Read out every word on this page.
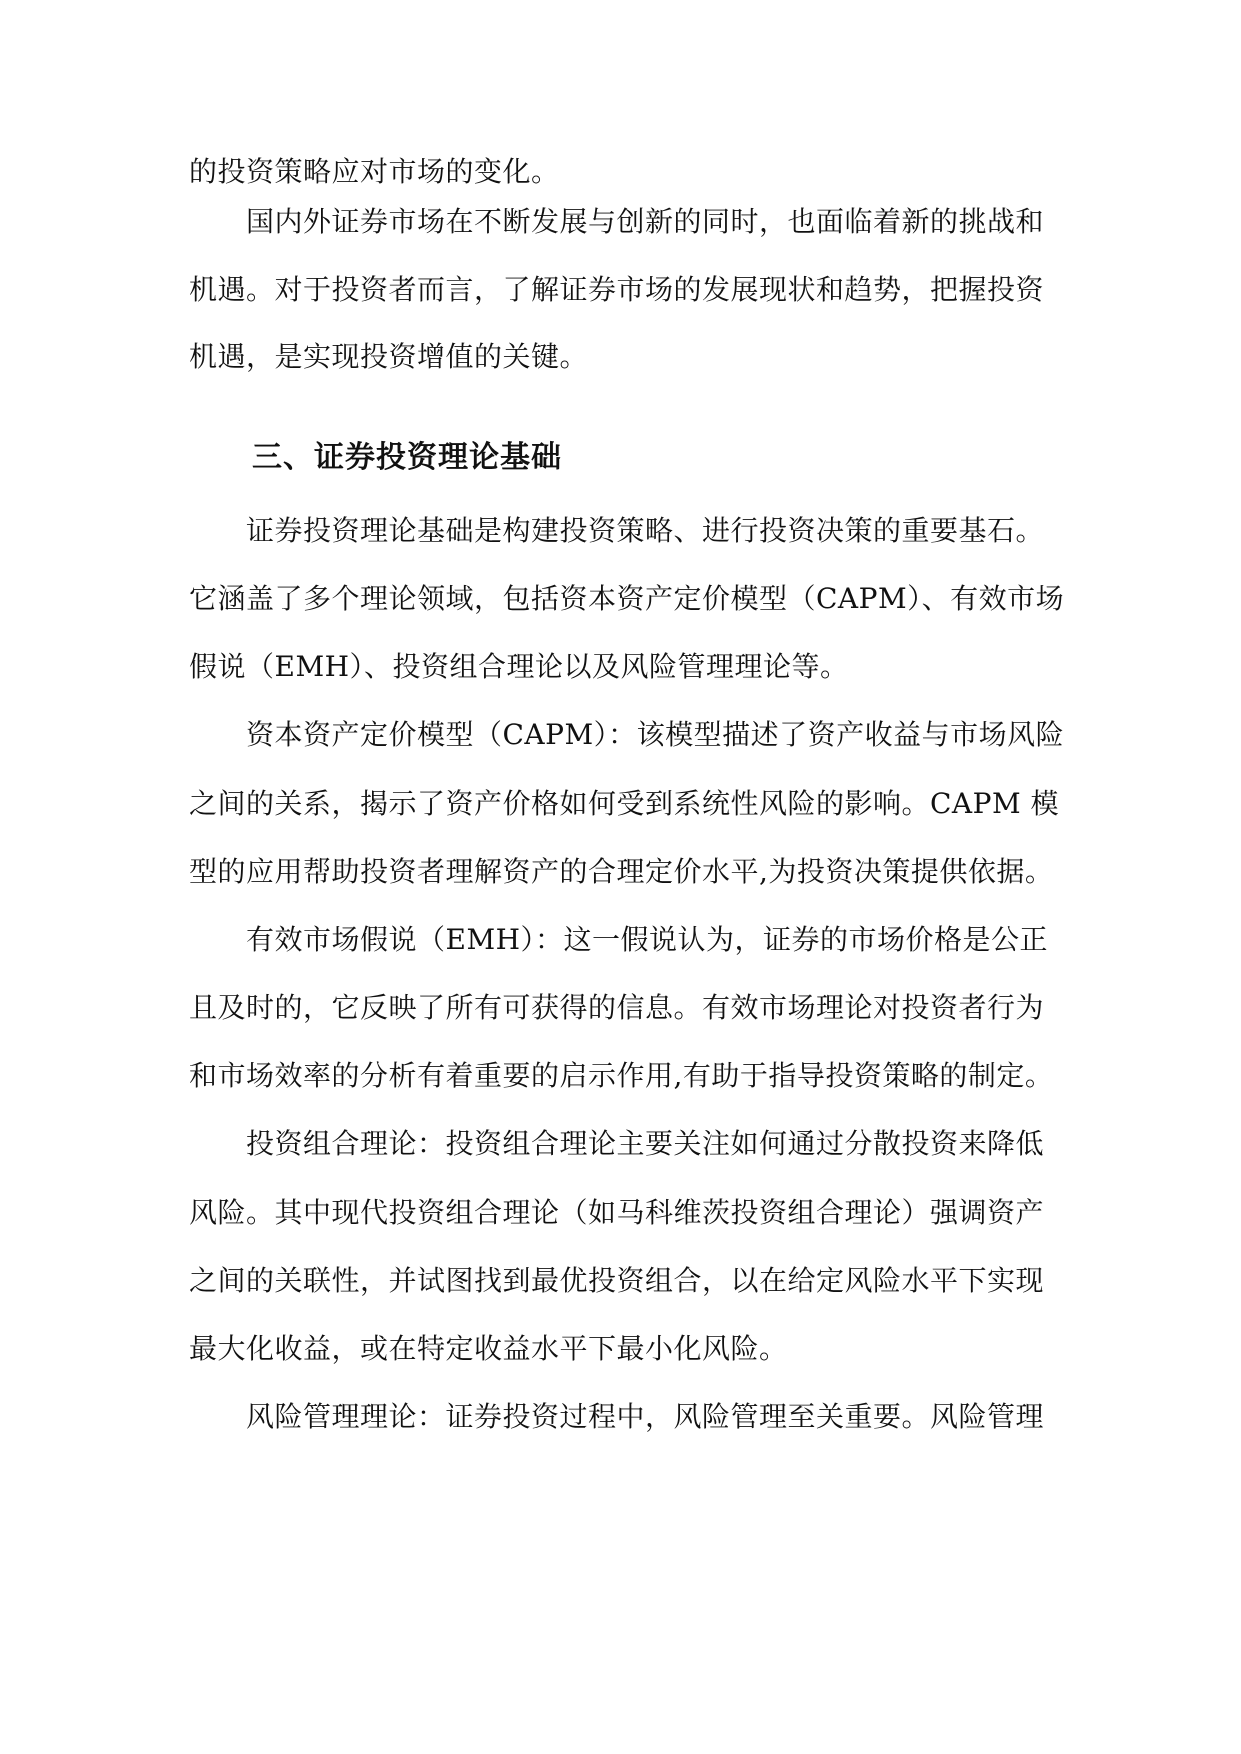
的投资策略应对市场的变化。
国内外证券市场在不断发展与创新的同时，也面临着新的挑战和
机遇。对于投资者而言，了解证券市场的发展现状和趋势，把握投资
机遇，是实现投资增值的关键。
三、证券投资理论基础
证券投资理论基础是构建投资策略、进行投资决策的重要基石。
它涵盖了多个理论领域，包括资本资产定价模型（CAPM）、有效市场
假说（EMH）、投资组合理论以及风险管理理论等。
资本资产定价模型（CAPM）：该模型描述了资产收益与市场风险
之间的关系，揭示了资产价格如何受到系统性风险的影响。CAPM 模
型的应用帮助投资者理解资产的合理定价水平,为投资决策提供依据。
有效市场假说（EMH）：这一假说认为，证券的市场价格是公正
且及时的，它反映了所有可获得的信息。有效市场理论对投资者行为
和市场效率的分析有着重要的启示作用,有助于指导投资策略的制定。
投资组合理论：投资组合理论主要关注如何通过分散投资来降低
风险。其中现代投资组合理论（如马科维茨投资组合理论）强调资产
之间的关联性，并试图找到最优投资组合，以在给定风险水平下实现
最大化收益，或在特定收益水平下最小化风险。
风险管理理论：证券投资过程中，风险管理至关重要。风险管理
